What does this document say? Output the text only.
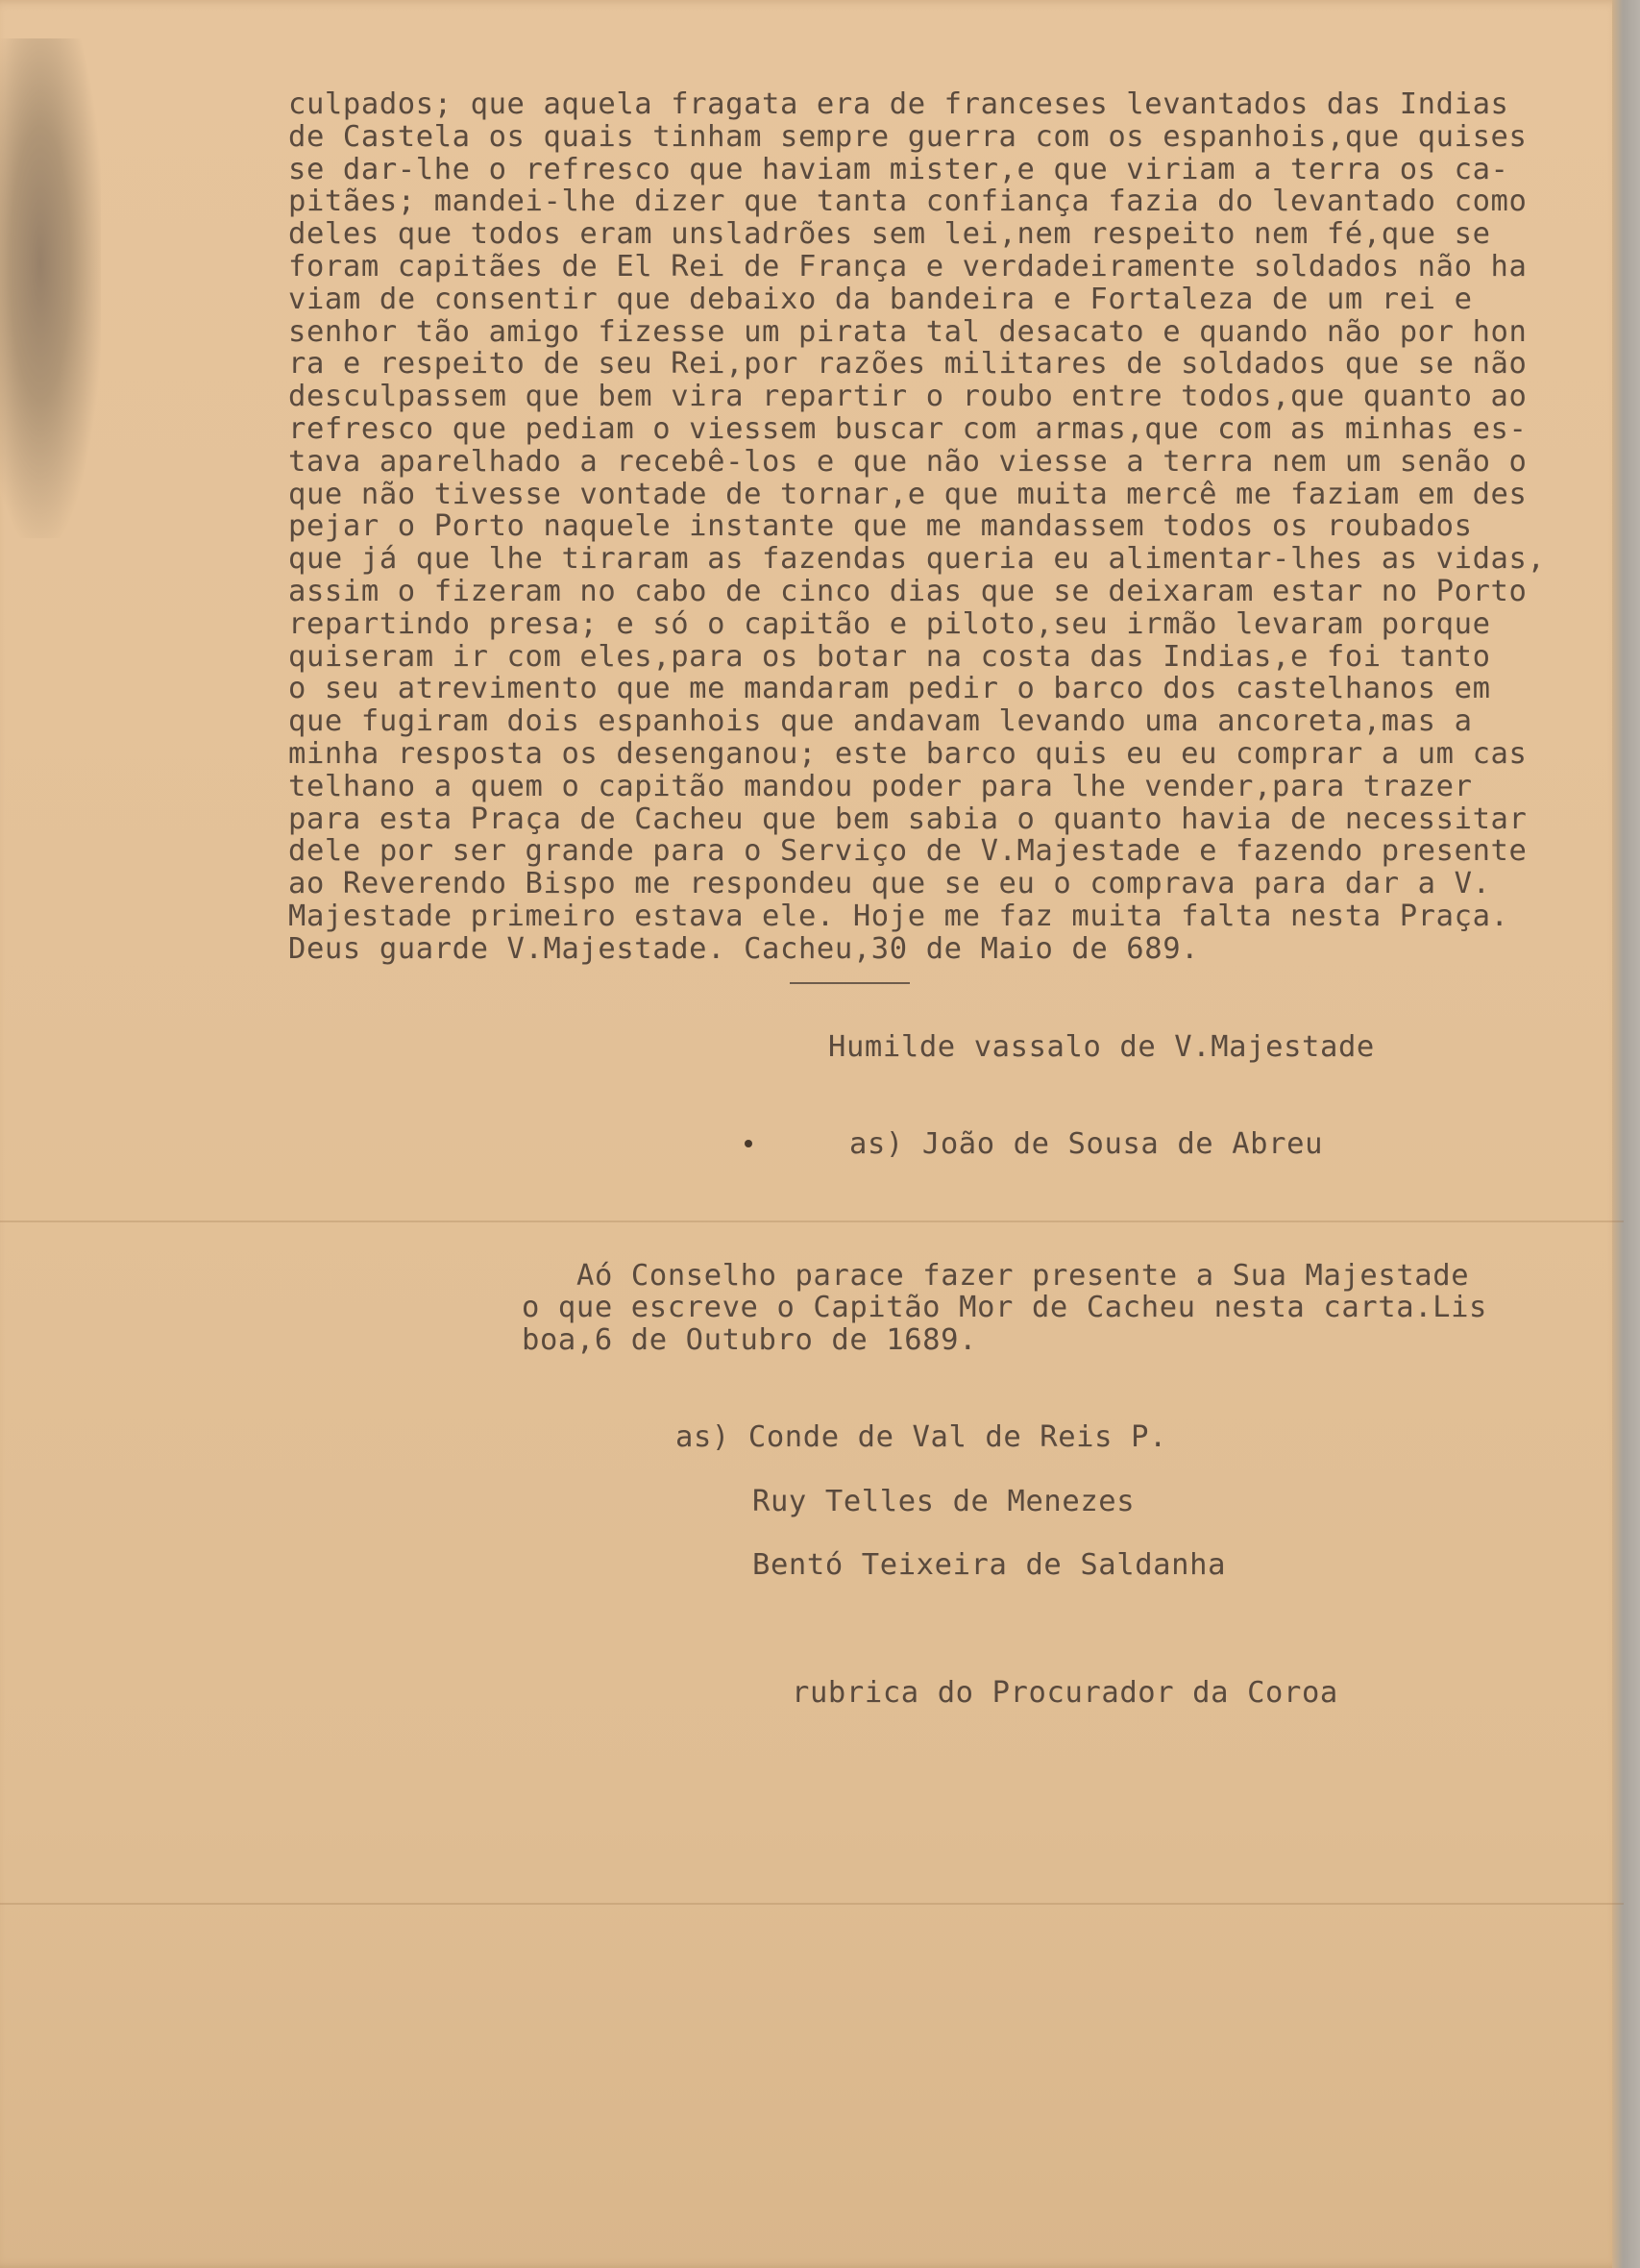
culpados; que aquela fragata era de franceses levantados das Indias
de Castela os quais tinham sempre guerra com os espanhois,que quises
se dar-lhe o refresco que haviam mister,e que viriam a terra os ca-
pitães; mandei-lhe dizer que tanta confiança fazia do levantado como
deles que todos eram unsladrões sem lei,nem respeito nem fé,que se
foram capitães de El Rei de França e verdadeiramente soldados não ha
viam de consentir que debaixo da bandeira e Fortaleza de um rei e
senhor tão amigo fizesse um pirata tal desacato e quando não por hon
ra e respeito de seu Rei,por razões militares de soldados que se não
desculpassem que bem vira repartir o roubo entre todos,que quanto ao
refresco que pediam o viessem buscar com armas,que com as minhas es-
tava aparelhado a recebê-los e que não viesse a terra nem um senão o
que não tivesse vontade de tornar,e que muita mercê me faziam em des
pejar o Porto naquele instante que me mandassem todos os roubados
que já que lhe tiraram as fazendas queria eu alimentar-lhes as vidas,
assim o fizeram no cabo de cinco dias que se deixaram estar no Porto
repartindo presa; e só o capitão e piloto,seu irmão levaram porque
quiseram ir com eles,para os botar na costa das Indias,e foi tanto
o seu atrevimento que me mandaram pedir o barco dos castelhanos em
que fugiram dois espanhois que andavam levando uma ancoreta,mas a
minha resposta os desenganou; este barco quis eu eu comprar a um cas
telhano a quem o capitão mandou poder para lhe vender,para trazer
para esta Praça de Cacheu que bem sabia o quanto havia de necessitar
dele por ser grande para o Serviço de V.Majestade e fazendo presente
ao Reverendo Bispo me respondeu que se eu o comprava para dar a V.
Majestade primeiro estava ele. Hoje me faz muita falta nesta Praça.
Deus guarde V.Majestade. Cacheu,30 de Maio de 689.
Humilde vassalo de V.Majestade
as) João de Sousa de Abreu
Aó Conselho parace fazer presente a Sua Majestade
o que escreve o Capitão Mor de Cacheu nesta carta.Lis
boa,6 de Outubro de 1689.
as) Conde de Val de Reis P.
Ruy Telles de Menezes
Bentó Teixeira de Saldanha
rubrica do Procurador da Coroa
